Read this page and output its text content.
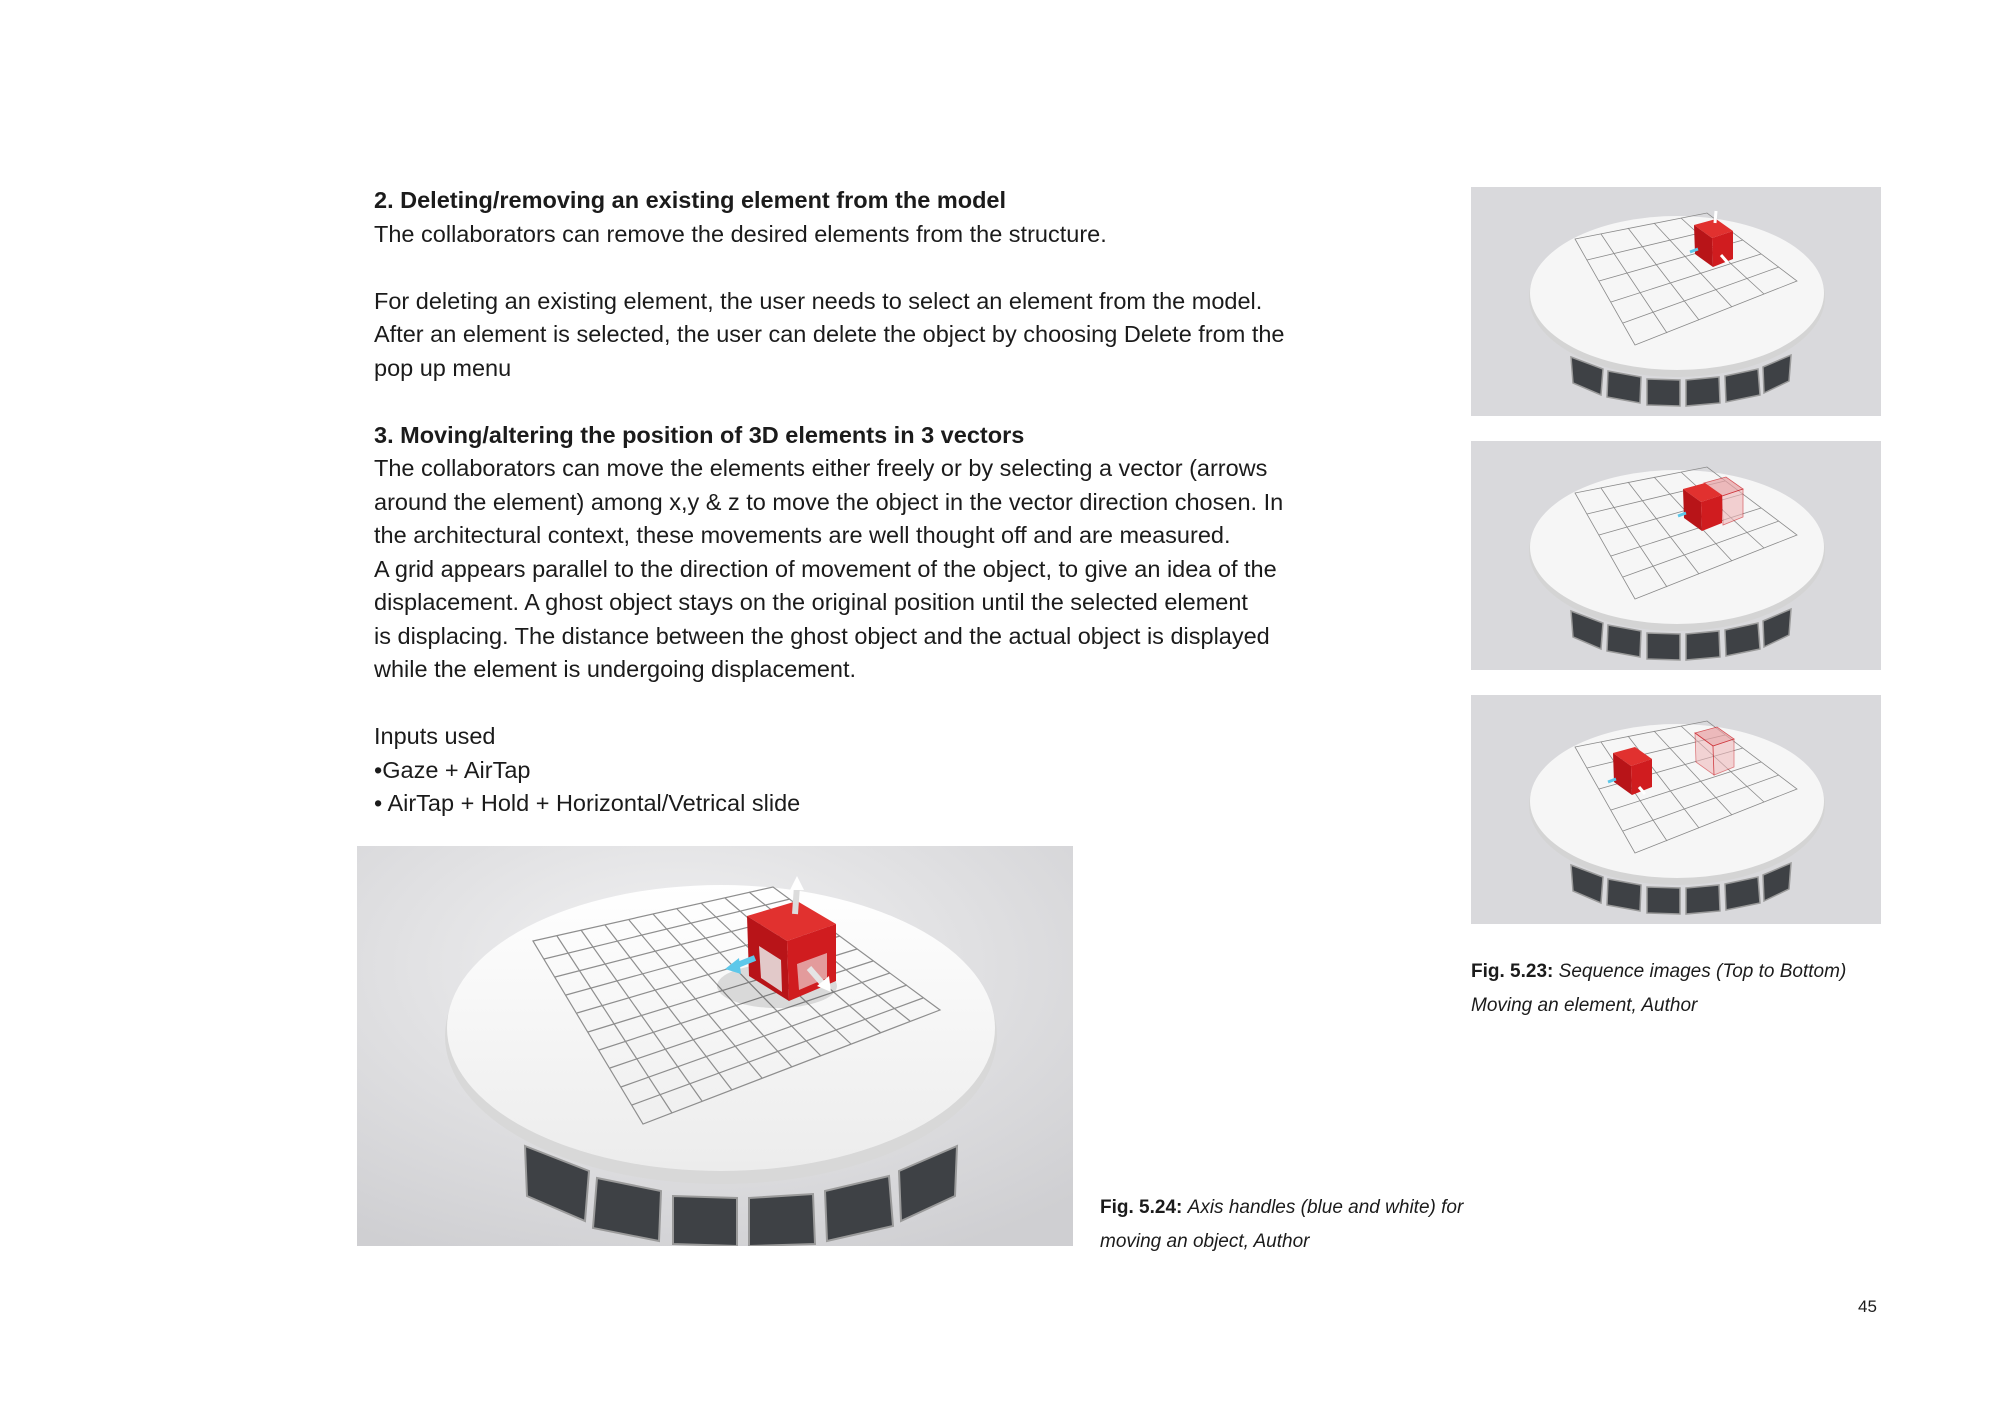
2. Deleting/removing an existing element from the model

The collaborators can remove the desired elements from the structure.

For deleting an existing element, the user needs to select an element from the model.

After an element is selected, the user can delete the object by choosing Delete from the

pop up menu

3. Moving/altering the position of 3D elements in 3 vectors

The collaborators can move the elements either freely or by selecting a vector (arrows

around the element) among x,y & z to move the object in the vector direction chosen. In

the architectural context, these movements are well thought off and are measured.

A grid appears parallel to the direction of movement of the object, to give an idea of the

displacement. A ghost object stays on the original position until the selected element

is displacing. The distance between the ghost object and the actual object is displayed

while the element is undergoing displacement.

Inputs used

•Gaze + AirTap

• AirTap + Hold + Horizontal/Vetrical slide

Fig. 5.23: Sequence images (Top to Bottom)
Moving an element, Author
Fig. 5.24: Axis handles (blue and white) for
moving an object, Author
45
